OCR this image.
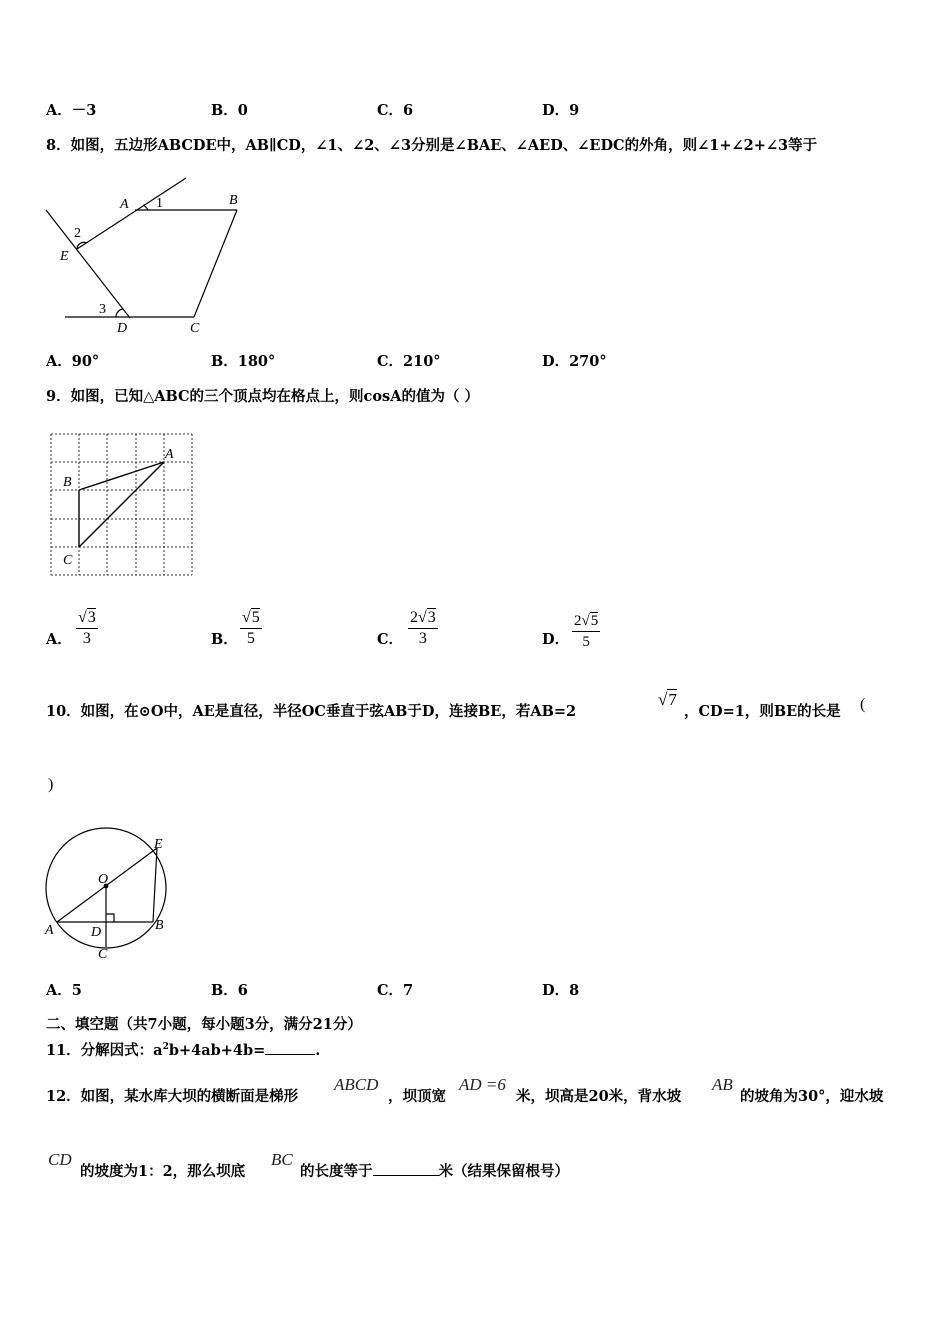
A．－3	B．0	C．6	D．9
8．如图，五边形ABCDE中，AB∥CD，∠1、∠2、∠3分别是∠BAE、∠AED、∠EDC的外角，则∠1+∠2+∠3等于
A 1	B
2
E
3
D	C
A．90°	B．180°	C．210°	D．270°
9．如图，已知△ABC的三个顶点均在格点上，则cosA的值为（ ）
A
B
C
A． $\frac{√3}{3}$	B． $\frac{√5}{5}$	C． $\frac{2√3}{3}$	D． $\frac{2√5}{5}$
10．如图，在⊙O中，AE是直径，半径OC垂直于弦AB于D，连接BE，若AB=2
√7
，CD=1，则BE的长是 (
)
E
O
A	D	B
C
A．5	B．6	C．7	D．8
二、填空题（共7小题，每小题3分，满分21分）
11．分解因式：$a^2b+4ab+4b=$	.
12．如图，某水库大坝的横断面是梯形
ABCD
，坝顶宽
AD =6
米，坝高是20米，背水坡
AB
的坡角为30°，迎水坡
CD
的坡度为1：2，那么坝底
BC
的长度等于	米（结果保留根号）
